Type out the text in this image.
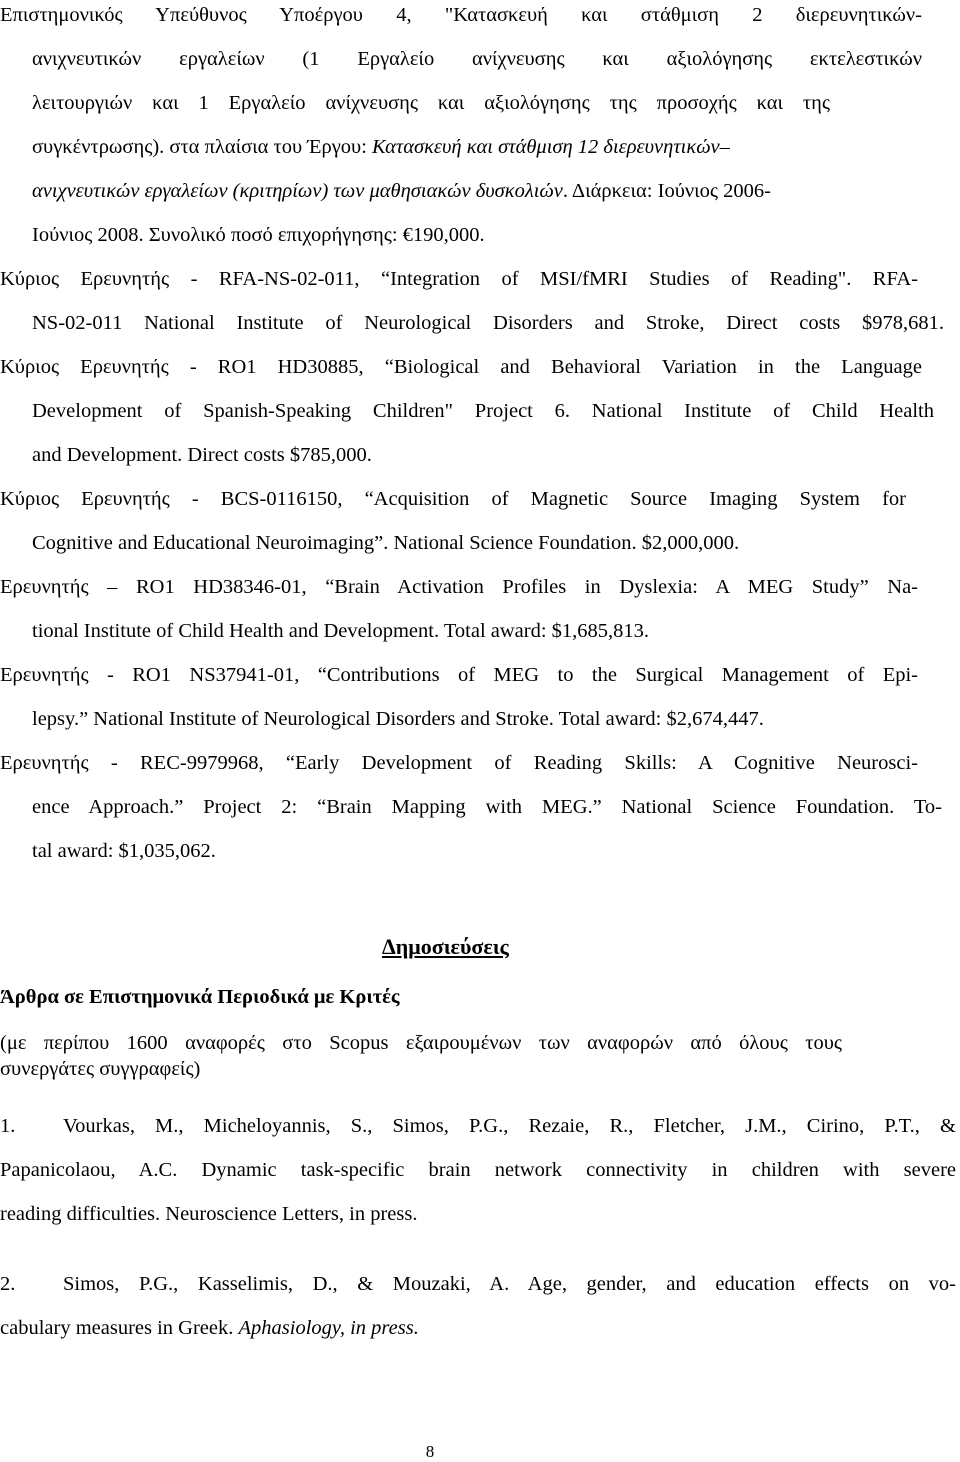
Επιστημονικός Υπεύθυνος Υποέργου 4, "Κατασκευή και στάθμιση 2 διερευνητικών-
ανιχνευτικών εργαλείων (1 Εργαλείο ανίχνευσης και αξιολόγησης εκτελεστικών
λειτουργιών και 1 Εργαλείο ανίχνευσης και αξιολόγησης της προσοχής και της
συγκέντρωσης). στα πλαίσια του Έργου: Κατασκευή και στάθμιση 12 διερευνητικών–
ανιχνευτικών εργαλείων (κριτηρίων) των μαθησιακών δυσκολιών. Διάρκεια: Ιούνιος 2006-
Ιούνιος 2008. Συνολικό ποσό επιχορήγησης: €190,000.
Κύριος Ερευνητής - RFA-NS-02-011, “Integration of MSI/fMRI Studies of Reading". RFA-
NS-02-011 National Institute of Neurological Disorders and Stroke, Direct costs $978,681.
Κύριος Ερευνητής - RO1 HD30885, “Biological and Behavioral Variation in the Language
Development of Spanish-Speaking Children" Project 6. National Institute of Child Health
and Development. Direct costs $785,000.
Κύριος Ερευνητής - BCS-0116150, “Acquisition of Magnetic Source Imaging System for
Cognitive and Educational Neuroimaging”. National Science Foundation. $2,000,000.
Ερευνητής – RO1 HD38346-01, “Brain Activation Profiles in Dyslexia: A MEG Study” Na-
tional Institute of Child Health and Development. Total award: $1,685,813.
Ερευνητής - RO1 NS37941-01, “Contributions of MEG to the Surgical Management of Epi-
lepsy.” National Institute of Neurological Disorders and Stroke. Total award: $2,674,447.
Ερευνητής - REC-9979968, “Early Development of Reading Skills: A Cognitive Neurosci-
ence Approach.” Project 2: “Brain Mapping with MEG.” National Science Foundation. To-
tal award: $1,035,062.
Δημοσιεύσεις
Άρθρα σε Επιστημονικά Περιοδικά με Κριτές
(με περίπου 1600 αναφορές στο Scopus εξαιρουμένων των αναφορών από όλους τους
συνεργάτες συγγραφείς)
1. Vourkas, M., Micheloyannis, S., Simos, P.G., Rezaie, R., Fletcher, J.M., Cirino, P.T., &
Papanicolaou, A.C. Dynamic task-specific brain network connectivity in children with severe
reading difficulties. Neuroscience Letters, in press.
2. Simos, P.G., Kasselimis, D., & Mouzaki, A. Age, gender, and education effects on vo-
cabulary measures in Greek. Aphasiology, in press.
8
